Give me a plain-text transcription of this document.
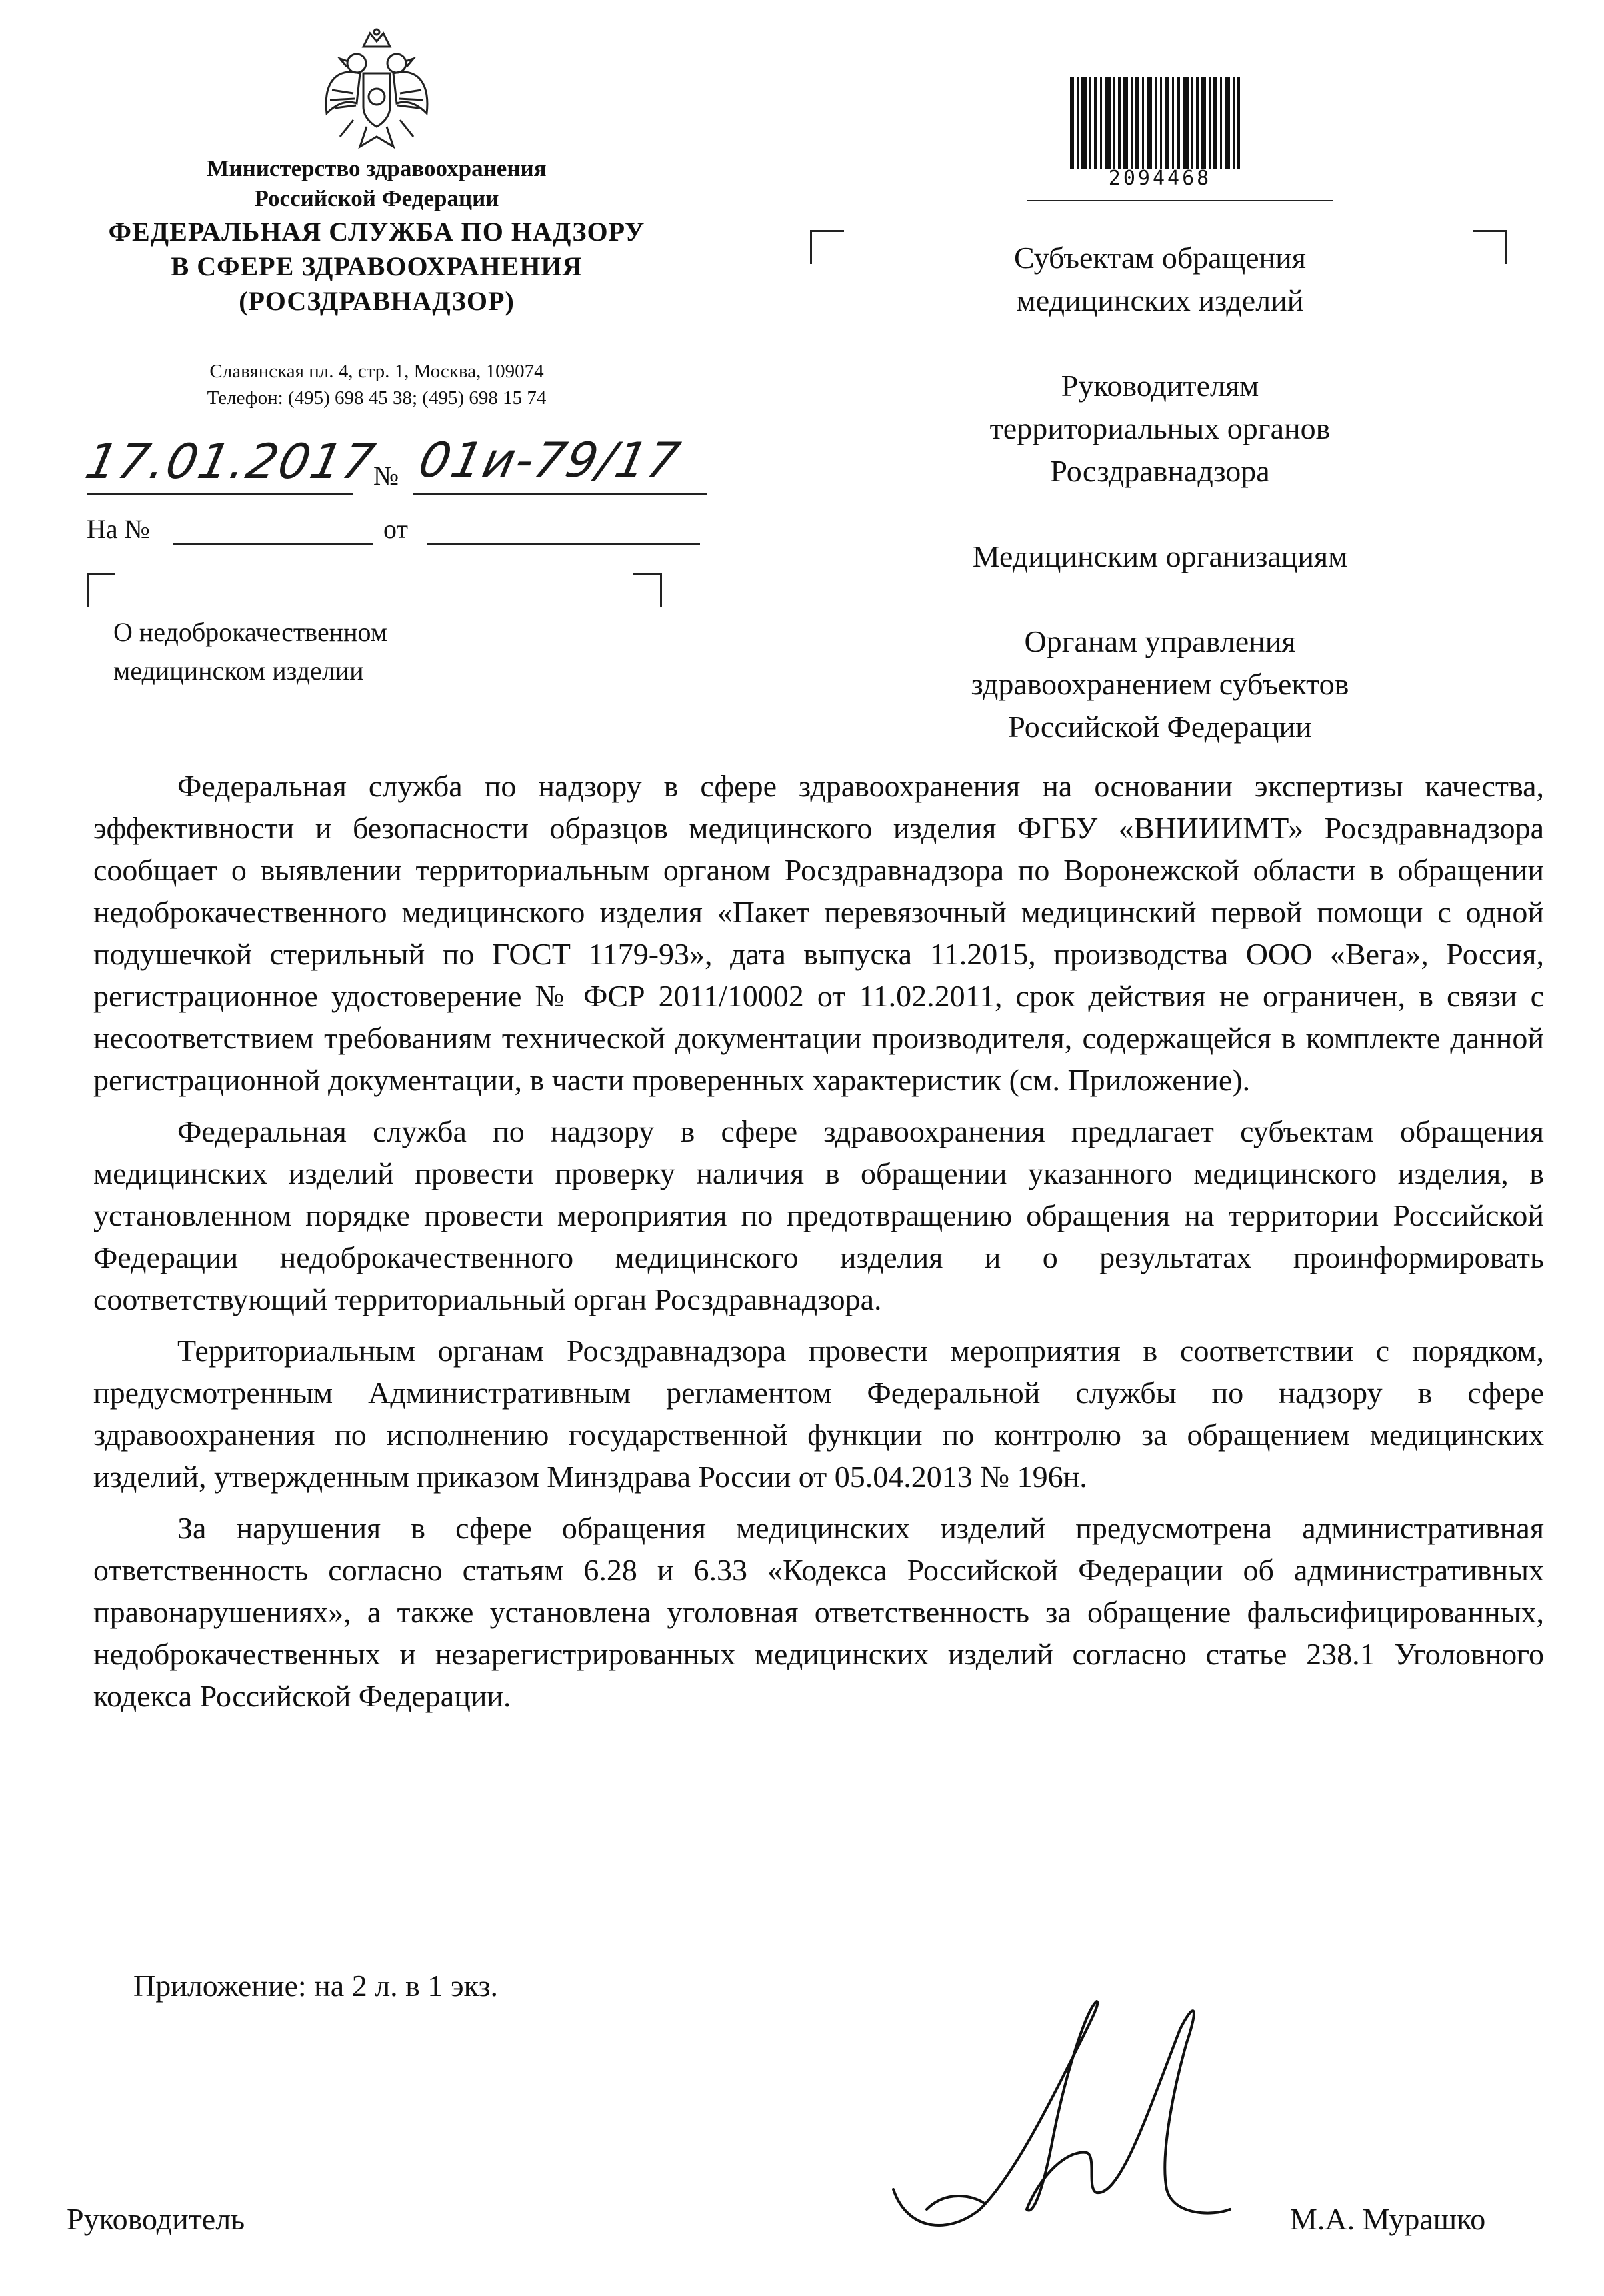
Министерство здравоохранения
Российской Федерации
ФЕДЕРАЛЬНАЯ СЛУЖБА ПО НАДЗОРУ
В СФЕРЕ ЗДРАВООХРАНЕНИЯ
(РОСЗДРАВНАДЗОР)
Славянская пл. 4, стр. 1, Москва, 109074
Телефон: (495) 698 45 38; (495) 698 15 74
17.01.2017
№ 01и-79/17
На №	от
О недоброкачественном
медицинском изделии
2094468
Субъектам обращения
медицинских изделий
Руководителям
территориальных органов
Росздравнадзора
Медицинским организациям
Органам управления
здравоохранением субъектов
Российской Федерации

Федеральная служба по надзору в сфере здравоохранения на основании экспертизы качества, эффективности и безопасности образцов медицинского изделия ФГБУ «ВНИИИМТ» Росздравнадзора сообщает о выявлении территориальным органом Росздравнадзора по Воронежской области в обращении недоброкачественного медицинского изделия «Пакет перевязочный медицинский первой помощи с одной подушечкой стерильный по ГОСТ 1179-93», дата выпуска 11.2015, производства ООО «Вега», Россия, регистрационное удостоверение № ФСР 2011/10002 от 11.02.2011, срок действия не ограничен, в связи с несоответствием требованиям технической документации производителя, содержащейся в комплекте данной регистрационной документации, в части проверенных характеристик (см. Приложение).

Федеральная служба по надзору в сфере здравоохранения предлагает субъектам обращения медицинских изделий провести проверку наличия в обращении указанного медицинского изделия, в установленном порядке провести мероприятия по предотвращению обращения на территории Российской Федерации недоброкачественного медицинского изделия и о результатах проинформировать соответствующий территориальный орган Росздравнадзора.

Территориальным органам Росздравнадзора провести мероприятия в соответствии с порядком, предусмотренным Административным регламентом Федеральной службы по надзору в сфере здравоохранения по исполнению государственной функции по контролю за обращением медицинских изделий, утвержденным приказом Минздрава России от 05.04.2013 № 196н.

За нарушения в сфере обращения медицинских изделий предусмотрена административная ответственность согласно статьям 6.28 и 6.33 «Кодекса Российской Федерации об административных правонарушениях», а также установлена уголовная ответственность за обращение фальсифицированных, недоброкачественных и незарегистрированных медицинских изделий согласно статье 238.1 Уголовного кодекса Российской Федерации.

Приложение: на 2 л. в 1 экз.
Руководитель	М.А. Мурашко
